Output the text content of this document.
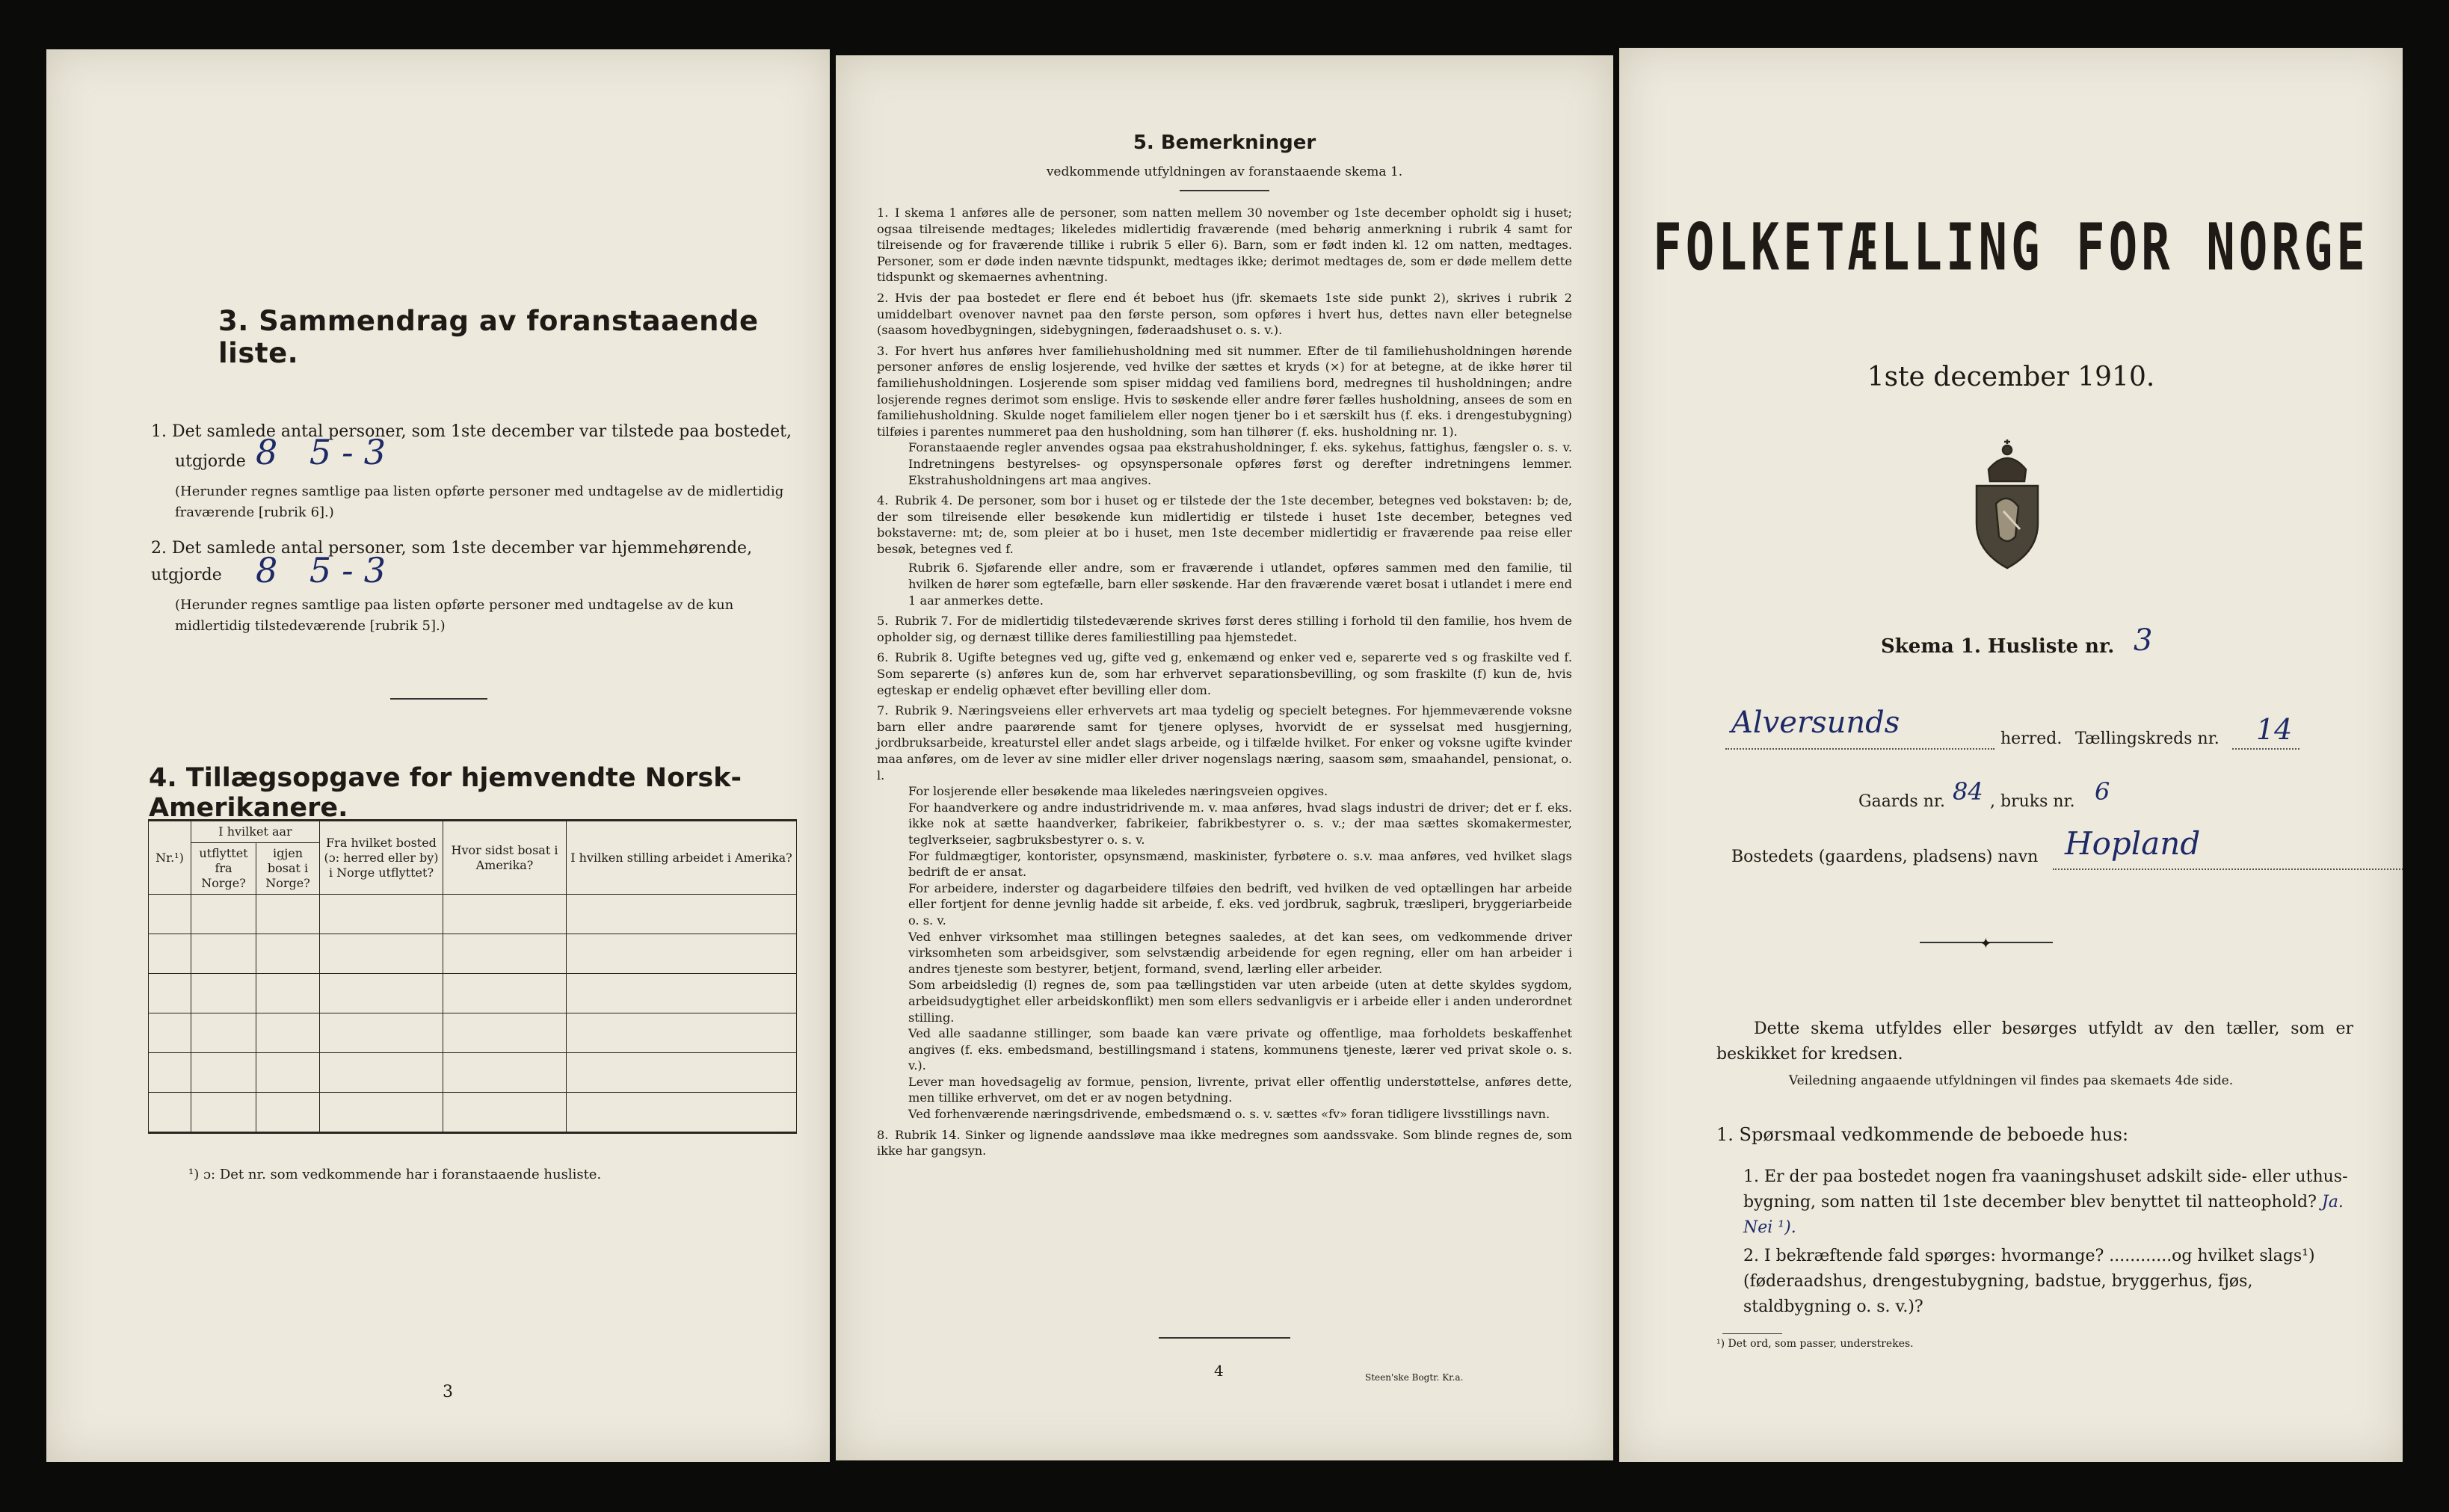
3. Sammendrag av foranstaaende liste.
1. Det samlede antal personer, som 1ste december var tilstede paa bostedet,
utgjorde 8 5-3
(Herunder regnes samtlige paa listen opførte personer med undtagelse av de midlertidig fraværende [rubrik 6].)
2. Det samlede antal personer, som 1ste december var hjemmehørende, utgjorde 8 5-3
(Herunder regnes samtlige paa listen opførte personer med undtagelse av de kun midlertidig tilstedeværende [rubrik 5].)
4. Tillægsopgave for hjemvendte Norsk-Amerikanere.
Nr.¹)	I hvilket aar		Fra hvilket bosted (ɔ: herred eller by) i Norge utflyttet?	Hvor sidst bosat i Amerika?	I hvilken stilling arbeidet i Amerika?
	utflyttet fra Norge?	igjen bosat i Norge?			

¹) ɔ: Det nr. som vedkommende har i foranstaaende husliste.
3
5. Bemerkninger
vedkommende utfyldningen av foranstaaende skema 1.
1. I skema 1 anføres alle de personer, som natten mellem 30 november og 1ste december opholdt sig i huset; ogsaa tilreisende medtages; likeledes midlertidig fraværende (med behørig anmerkning i rubrik 4 samt for tilreisende og for fraværende tillike i rubrik 5 eller 6). Barn, som er født inden kl. 12 om natten, medtages. Personer, som er døde inden nævnte tidspunkt, medtages ikke; derimot medtages de, som er døde mellem dette tidspunkt og skemaernes avhentning.
2. Hvis der paa bostedet er flere end ét beboet hus (jfr. skemaets 1ste side punkt 2), skrives i rubrik 2 umiddelbart ovenover navnet paa den første person, som opføres i hvert hus, dettes navn eller betegnelse (saasom hovedbygningen, sidebygningen, føderaadshuset o. s. v.).
3. For hvert hus anføres hver familiehusholdning med sit nummer. Efter de til familiehusholdningen hørende personer anføres de enslig losjerende, ved hvilke der sættes et kryds (×) for at betegne, at de ikke hører til familiehusholdningen. Losjerende som spiser middag ved familiens bord, medregnes til husholdningen; andre losjerende regnes derimot som enslige. Hvis to søskende eller andre fører fælles husholdning, ansees de som en familiehusholdning. Skulde noget familielem eller nogen tjener bo i et særskilt hus (f. eks. i drengestubygning) tilføies i parentes nummeret paa den husholdning, som han tilhører (f. eks. husholdning nr. 1).
Foranstaaende regler anvendes ogsaa paa ekstrahusholdninger, f. eks. sykehus, fattighus, fængsler o. s. v. Indretningens bestyrelses- og opsynspersonale opføres først og derefter indretningens lemmer. Ekstrahusholdningens art maa angives.
4. Rubrik 4. De personer, som bor i huset og er tilstede der the 1ste december, betegnes ved bokstaven: b; de, der som tilreisende eller besøkende kun midlertidig er tilstede i huset 1ste december, betegnes ved bokstaverne: mt; de, som pleier at bo i huset, men 1ste december midlertidig er fraværende paa reise eller besøk, betegnes ved f.
Rubrik 6. Sjøfarende eller andre, som er fraværende i utlandet, opføres sammen med den familie, til hvilken de hører som egtefælle, barn eller søskende. Har den fraværende været bosat i utlandet i mere end 1 aar anmerkes dette.
5. Rubrik 7. For de midlertidig tilstedeværende skrives først deres stilling i forhold til den familie, hos hvem de opholder sig, og dernæst tillike deres familiestilling paa hjemstedet.
6. Rubrik 8. Ugifte betegnes ved ug, gifte ved g, enkemænd og enker ved e, separerte ved s og fraskilte ved f. Som separerte (s) anføres kun de, som har erhvervet separationsbevilling, og som fraskilte (f) kun de, hvis egteskap er endelig ophævet efter bevilling eller dom.
7. Rubrik 9. Næringsveiens eller erhvervets art maa tydelig og specielt betegnes. For hjemmeværende voksne barn eller andre paarørende samt for tjenere oplyses, hvorvidt de er sysselsat med husgjerning, jordbruksarbeide, kreaturstel eller andet slags arbeide, og i tilfælde hvilket. For enker og voksne ugifte kvinder maa anføres, om de lever av sine midler eller driver nogenslags næring, saasom søm, smaahandel, pensionat, o. l.
For losjerende eller besøkende maa likeledes næringsveien opgives.
For haandverkere og andre industridrivende m. v. maa anføres, hvad slags industri de driver; det er f. eks. ikke nok at sætte haandverker, fabrikeier, fabrikbestyrer o. s. v.; der maa sættes skomakermester, teglverkseier, sagbruksbestyrer o. s. v.
For fuldmægtiger, kontorister, opsynsmænd, maskinister, fyrbøtere o. s.v. maa anføres, ved hvilket slags bedrift de er ansat.
For arbeidere, inderster og dagarbeidere tilføies den bedrift, ved hvilken de ved optællingen har arbeide eller fortjent for denne jevnlig hadde sit arbeide, f. eks. ved jordbruk, sagbruk, træsliperi, bryggeriarbeide o. s. v.
Ved enhver virksomhet maa stillingen betegnes saaledes, at det kan sees, om vedkommende driver virksomheten som arbeidsgiver, som selvstændig arbeidende for egen regning, eller om han arbeider i andres tjeneste som bestyrer, betjent, formand, svend, lærling eller arbeider.
Som arbeidsledig (l) regnes de, som paa tællingstiden var uten arbeide (uten at dette skyldes sygdom, arbeidsudygtighet eller arbeidskonflikt) men som ellers sedvanligvis er i arbeide eller i anden underordnet stilling.
Ved alle saadanne stillinger, som baade kan være private og offentlige, maa forholdets beskaffenhet angives (f. eks. embedsmand, bestillingsmand i statens, kommunens tjeneste, lærer ved privat skole o. s. v.).
Lever man hovedsagelig av formue, pension, livrente, privat eller offentlig understøttelse, anføres dette, men tillike erhvervet, om det er av nogen betydning.
Ved forhenværende næringsdrivende, embedsmænd o. s. v. sættes «fv» foran tidligere livsstillings navn.
8. Rubrik 14. Sinker og lignende aandssløve maa ikke medregnes som aandssvake. Som blinde regnes de, som ikke har gangsyn.
4	Steen'ske Bogtr. Kr.a.
FOLKETÆLLING FOR NORGE
1ste december 1910.
Skema 1. Husliste nr. 3
Alversunds	herred. Tællingskreds nr. 14
Gaards nr. 84 , bruks nr. 6
Bostedets (gaardens, pladsens) navn Hopland
✦
Dette skema utfyldes eller besørges utfyldt av den tæller, som er beskikket for kredsen.
Veiledning angaaende utfyldningen vil findes paa skemaets 4de side.
1. Spørsmaal vedkommende de beboede hus:
1. Er der paa bostedet nogen fra vaaningshuset adskilt side- eller uthus-bygning, som natten til 1ste december blev benyttet til natteophold? Ja. Nei ¹).
2. I bekræftende fald spørges: hvormange? ............og hvilket slags¹) (føderaadshus, drengestubygning, badstue, bryggerhus, fjøs, staldbygning o. s. v.)?
¹) Det ord, som passer, understrekes.
